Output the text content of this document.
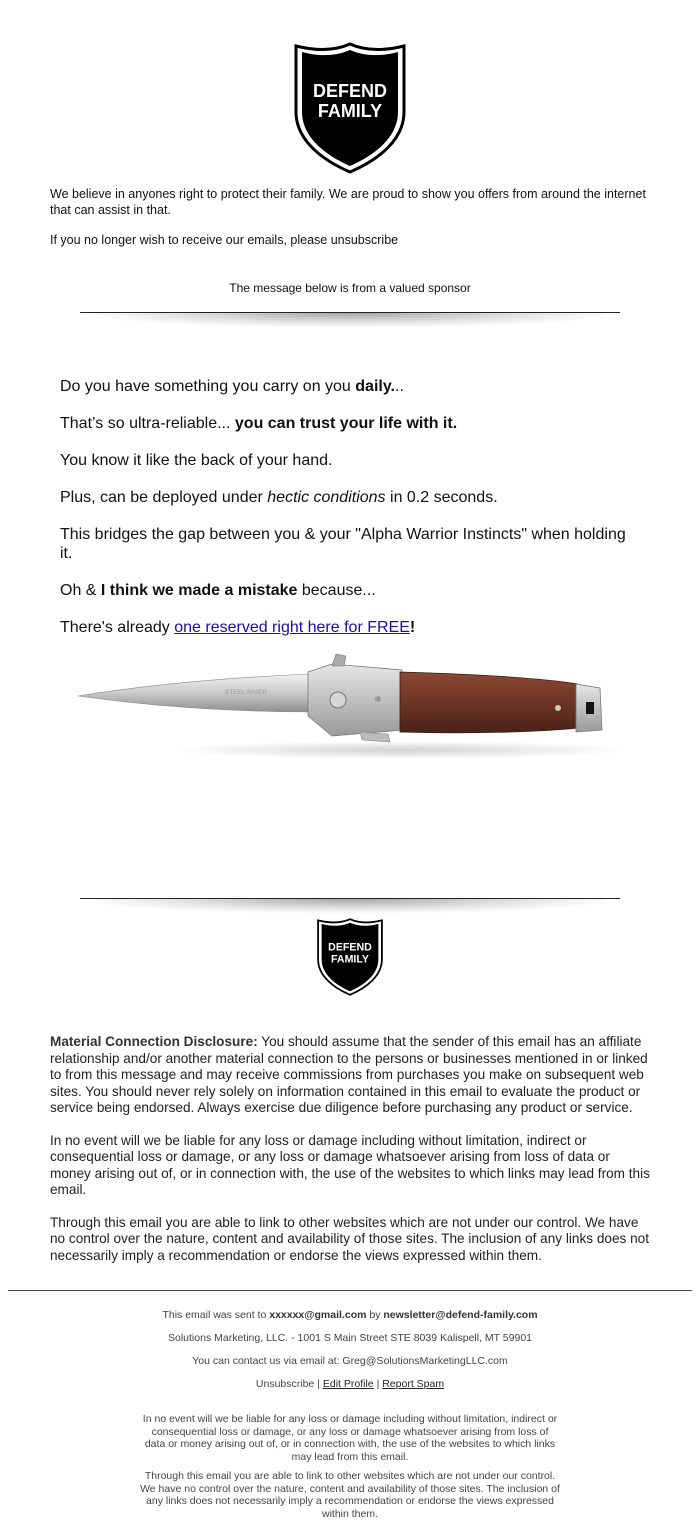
DEFEND
FAMILY
We believe in anyones right to protect their family. We are proud to show you offers from around the internet that can assist in that.
If you no longer wish to receive our emails, please unsubscribe
The message below is from a valued sponsor

Do you have something you carry on you daily...

That’s so ultra-reliable... you can trust your life with it.

You know it like the back of your hand.

Plus, can be deployed under hectic conditions in 0.2 seconds.

This bridges the gap between you & your "Alpha Warrior Instincts" when holding it.

Oh & I think we made a mistake because...

There's already one reserved right here for FREE!

STEEL RIVER
DEFEND
FAMILY

Material Connection Disclosure: You should assume that the sender of this email has an affiliate relationship and/or another material connection to the persons or businesses mentioned in or linked to from this message and may receive commissions from purchases you make on subsequent web sites. You should never rely solely on information contained in this email to evaluate the product or service being endorsed. Always exercise due diligence before purchasing any product or service.

In no event will we be liable for any loss or damage including without limitation, indirect or consequential loss or damage, or any loss or damage whatsoever arising from loss of data or money arising out of, or in connection with, the use of the websites to which links may lead from this email.

Through this email you are able to link to other websites which are not under our control. We have no control over the nature, content and availability of those sites. The inclusion of any links does not necessarily imply a recommendation or endorse the views expressed within them.

This email was sent to xxxxxx@gmail.com by newsletter@defend-family.com
Solutions Marketing, LLC. - 1001 S Main Street STE 8039 Kalispell, MT 59901
You can contact us via email at: Greg@SolutionsMarketingLLC.com
Unsubscribe | Edit Profile | Report Spam
In no event will we be liable for any loss or damage including without limitation, indirect or consequential loss or damage, or any loss or damage whatsoever arising from loss of data or money arising out of, or in connection with, the use of the websites to which links may lead from this email.
Through this email you are able to link to other websites which are not under our control. We have no control over the nature, content and availability of those sites. The inclusion of any links does not necessarily imply a recommendation or endorse the views expressed within them.
